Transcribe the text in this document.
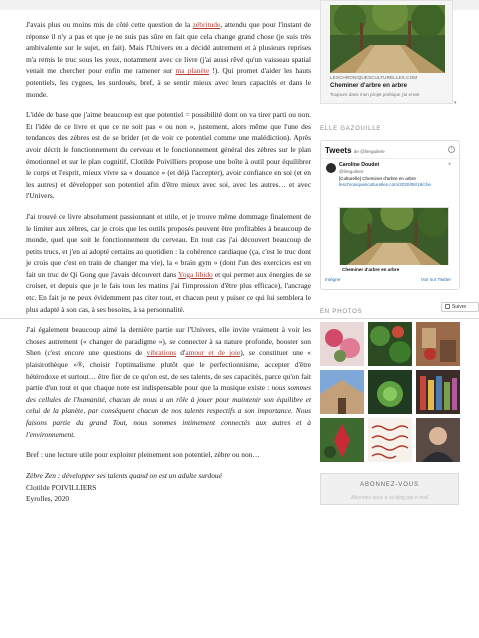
J'avais plus ou moins mis de côté cette question de la zébritude, attendu que pour l'instant de réponse il n'y a pas et que je ne suis pas sûre en fait que cela change grand chose (je suis très ambivalente sur le sujet, en fait). Mais l'Univers en a décidé autrement et à plusieurs reprises m'a remis le truc sous les yeux, notamment avec ce livre (j'ai aussi rêvé qu'un vaisseau spatial venait me chercher pour enfin me ramener sur ma planète !). Qui promet d'aider les hauts potentiels, les cygnes, les surdoués, bref, à se sentir mieux avec leurs capacités et dans le monde.

L'idée de base que j'aime beaucoup est que potentiel = possibilité dont on va tirer parti ou non. Et l'idée de ce livre et que ce ne soit pas « ou non », justement, alors même que l'une des tendances des zèbres est de se brider (et de voir ce potentiel comme une malédiction). Après avoir décrit le fonctionnement du cerveau et le fonctionnement général des zèbres sur le plan émotionnel et sur le plan cognitif, Clotilde Poivilliers propose une boîte à outil pour équilibrer le corps et l'esprit, mieux vivre sa « douance » (et déjà l'accepter), avoir confiance en soi (et en les autres) et développer son potentiel afin d'être mieux avec soi, avec les autres… et avec l'Univers.

J'ai trouvé ce livre absolument passionnant et utile, et je trouve même dommage finalement de le limiter aux zèbres, car je crois que les outils proposés peuvent être profitables à beaucoup de monde, quel que soit le fonctionnement du cerveau. En tout cas j'ai découvert beaucoup de petits trucs, et j'en ai adopté certains au quotidien : la cohérence cardiaque (ça, c'est le truc dont je crois que c'est en train de changer ma vie), la « brain gym » (dont l'un des exercices est en fait un truc de Qi Gong que j'avais découvert dans Yoga libido et qui permet aux énergies de se croiser, et depuis que je le fais tous les matins j'ai l'impression d'être plus efficace), l'ancrage etc. En fait je ne peux évidemment pas citer tout, et chacun peut y puiser ce qui lui semblera le plus adapté à son cas, à ses besoins, à sa personnalité.

J'ai également beaucoup aimé la dernière partie sur l'Univers, elle invite vraiment à voir les choses autrement (« changer de paradigme »), se connecter à sa nature profonde, booster son Shen (c'est encore une questions de vibrations d'amour et de joie), se constituer une « plaisirothèque »®, choisir l'optimalisme plutôt que le perfectionnisme, accepter d'être hétérodoxe et surtout… être fier de ce qu'on est, de ses talents, de ses capacités, parce qu'on fait partie d'un tout et que chaque note est indispensable pour que la musique existe : nous sommes des cellules de l'humanité, chacun de nous a un rôle à jouer pour maintenir son équilibre et celui de la planète, par conséquent chacun de nos talents respectifs a son importance. Nous faisons partie du grand Tout, nous sommes intimement connectés aux autres et à l'environnement.

Bref : une lecture utile pour exploiter pleinement son potentiel, zèbre ou non…

Zèbre Zen : développer ses talents quand on est un adulte surdoué
Clotilde POIVILLIERS
Eyrolles, 2020
LESCHRONIQUESCULTURELLES.COM
Cheminer d'arbre en arbre
Toujours dans mon projet poétique j'ai envie
▾
ELLE GAZOUILLE
Tweets de @lireguilere	i
Caroline Doudet
@lireguilere
✦
[Culturelle] Cheminer d'arbre en arbre
leschroniquesculturelles.com/2020/06/18/che
Cheminer d'arbre en arbre
Intégrer	Voir sur Twitter
Suivre
EN PHOTOS
ABONNEZ-VOUS
Abonnez-vous à ce blog par e-mail.
